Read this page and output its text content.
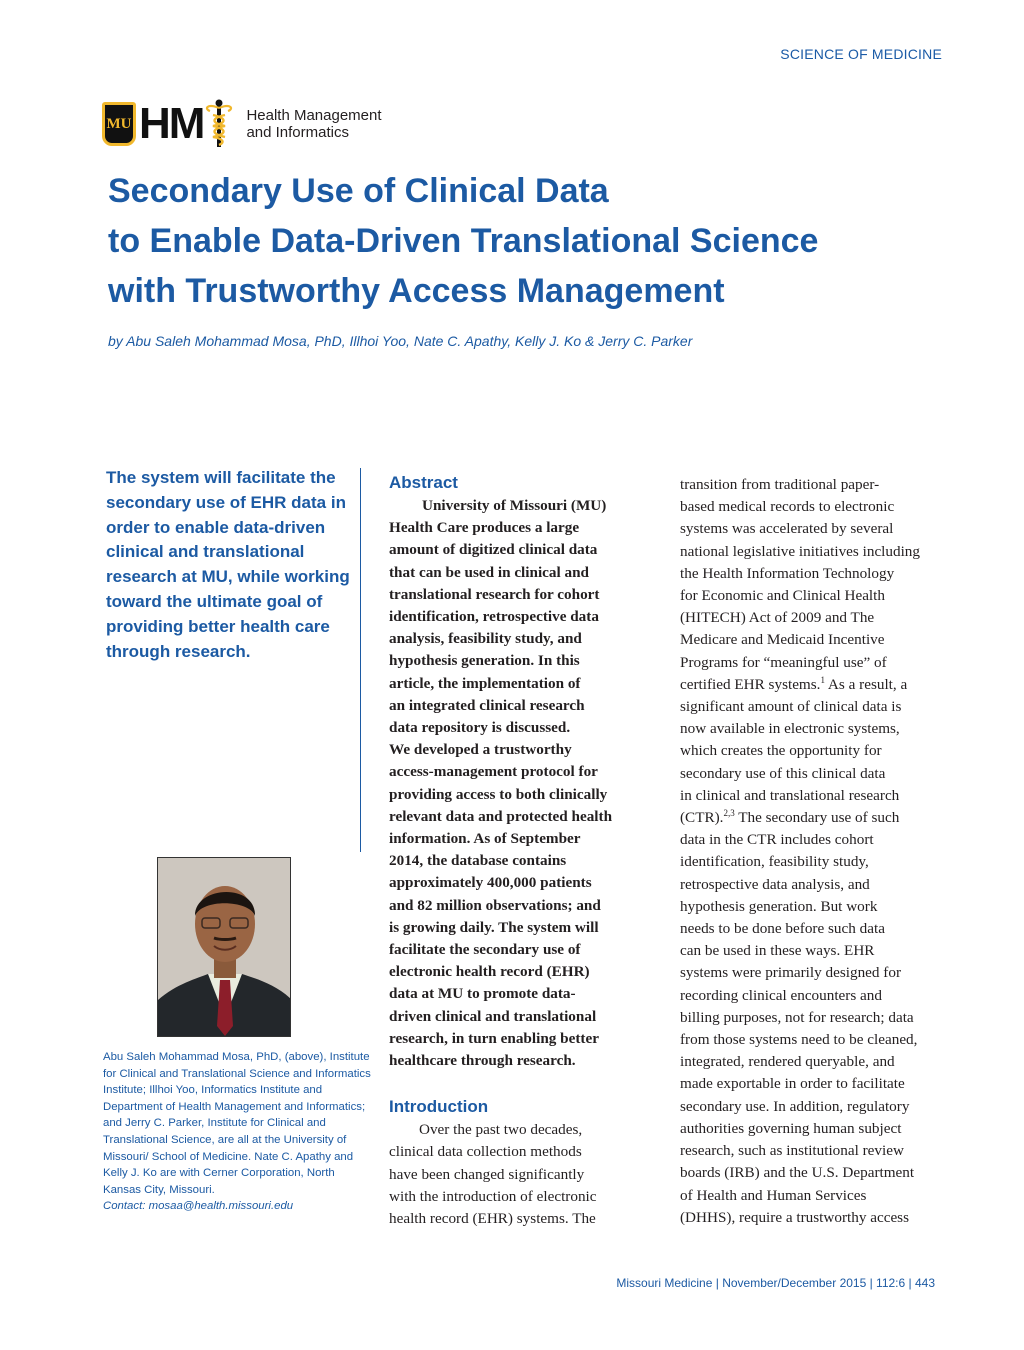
SCIENCE OF MEDICINE
MU HM	Health Management
and Informatics
Secondary Use of Clinical Data
to Enable Data-Driven Translational Science
with Trustworthy Access Management
by Abu Saleh Mohammad Mosa, PhD, Illhoi Yoo, Nate C. Apathy, Kelly J. Ko & Jerry C. Parker
The system will facilitate the secondary use of EHR data in order to enable data-driven clinical and translational research at MU, while working toward the ultimate goal of providing better health care through research.
Abu Saleh Mohammad Mosa, PhD, (above), Institute for Clinical and Translational Science and Informatics Institute; Illhoi Yoo, Informatics Institute and Department of Health Management and Informatics; and Jerry C. Parker, Institute for Clinical and Translational Science, are all at the University of Missouri/ School of Medicine. Nate C. Apathy and Kelly J. Ko are with Cerner Corporation, North Kansas City, Missouri.
Contact: mosaa@health.missouri.edu
Abstract
University of Missouri (MU)
Health Care produces a large
amount of digitized clinical data
that can be used in clinical and
translational research for cohort
identification, retrospective data
analysis, feasibility study, and
hypothesis generation. In this
article, the implementation of
an integrated clinical research
data repository is discussed.
We developed a trustworthy
access-management protocol for
providing access to both clinically
relevant data and protected health
information. As of September
2014, the database contains
approximately 400,000 patients
and 82 million observations; and
is growing daily. The system will
facilitate the secondary use of
electronic health record (EHR)
data at MU to promote data-
driven clinical and translational
research, in turn enabling better
healthcare through research.
Introduction
Over the past two decades,
clinical data collection methods
have been changed significantly
with the introduction of electronic
health record (EHR) systems. The
transition from traditional paper-
based medical records to electronic
systems was accelerated by several
national legislative initiatives including
the Health Information Technology
for Economic and Clinical Health
(HITECH) Act of 2009 and The
Medicare and Medicaid Incentive
Programs for “meaningful use” of
certified EHR systems.$^1$ As a result, a
significant amount of clinical data is
now available in electronic systems,
which creates the opportunity for
secondary use of this clinical data
in clinical and translational research
(CTR).$^{2,3}$ The secondary use of such
data in the CTR includes cohort
identification, feasibility study,
retrospective data analysis, and
hypothesis generation. But work
needs to be done before such data
can be used in these ways. EHR
systems were primarily designed for
recording clinical encounters and
billing purposes, not for research; data
from those systems need to be cleaned,
integrated, rendered queryable, and
made exportable in order to facilitate
secondary use. In addition, regulatory
authorities governing human subject
research, such as institutional review
boards (IRB) and the U.S. Department
of Health and Human Services
(DHHS), require a trustworthy access
Missouri Medicine | November/December 2015 | 112:6 | 443
